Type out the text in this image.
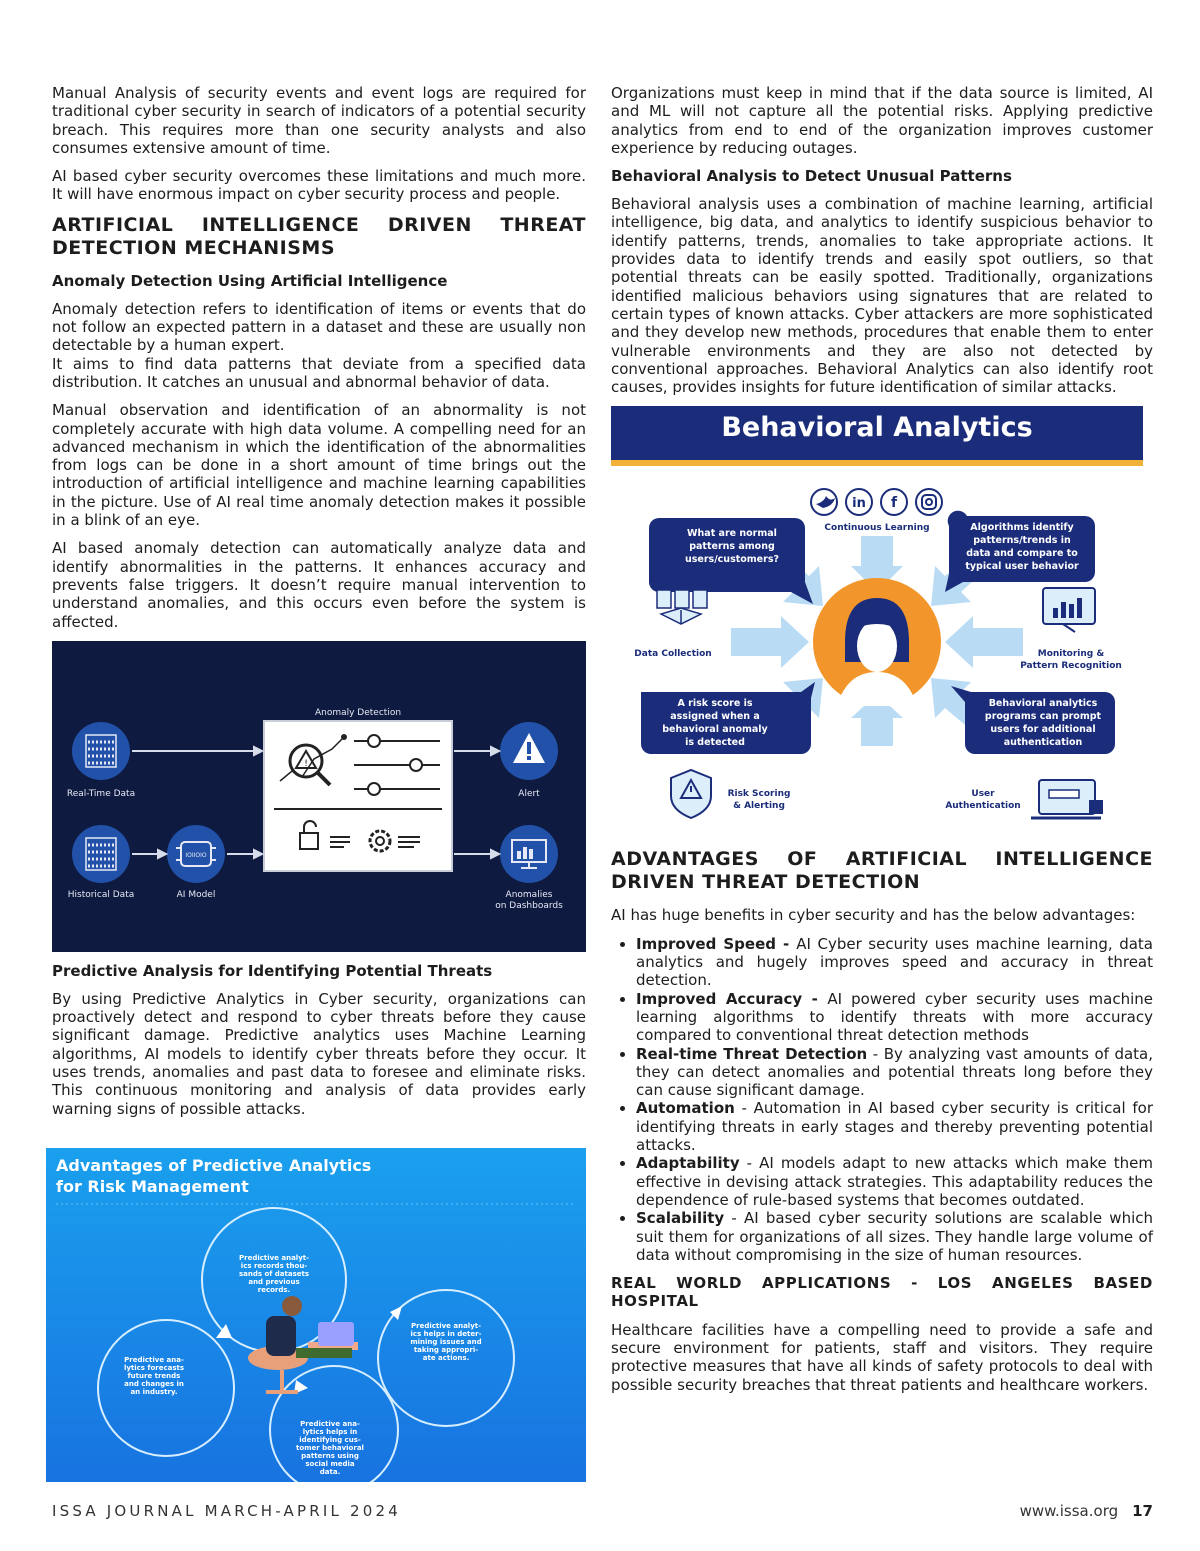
Manual Analysis of security events and event logs are required for traditional cyber security in search of indicators of a potential security breach. This requires more than one security analysts and also consumes extensive amount of time.

AI based cyber security overcomes these limitations and much more. It will have enormous impact on cyber security process and people.

ARTIFICIAL INTELLIGENCE DRIVEN THREAT DETECTION MECHANISMS
Anomaly Detection Using Artificial Intelligence

Anomaly detection refers to identification of items or events that do not follow an expected pattern in a dataset and these are usually non detectable by a human expert.
It aims to find data patterns that deviate from a specified data distribution. It catches an unusual and abnormal behavior of data.

Manual observation and identification of an abnormality is not completely accurate with high data volume. A compelling need for an advanced mechanism in which the identification of the abnormalities from logs can be done in a short amount of time brings out the introduction of artificial intelligence and machine learning capabilities in the picture. Use of AI real time anomaly detection makes it possible in a blink of an eye.

AI based anomaly detection can automatically analyze data and identify abnormalities in the patterns. It enhances accuracy and prevents false triggers. It doesn’t require manual intervention to understand anomalies, and this occurs even before the system is affected.

Anomaly Detection
!
Real-Time Data
Historical Data
IOIIOIO
AI Model
Alert
Anomalies
on Dashboards
Predictive Analysis for Identifying Potential Threats

By using Predictive Analytics in Cyber security, organizations can proactively detect and respond to cyber threats before they cause significant damage. Predictive analytics uses Machine Learning algorithms, AI models to identify cyber threats before they occur. It uses trends, anomalies and past data to foresee and eliminate risks. This continuous monitoring and analysis of data provides early warning signs of possible attacks.

Advantages of Predictive Analytics
for Risk Management
Predictive analyt-
ics records thou-
sands of datasets
and previous
records.
Predictive analyt-
ics helps in deter-
mining issues and
taking appropri-
ate actions.
Predictive ana-
lytics forecasts
future trends
and changes in
an industry.
Predictive ana-
lytics helps in
identifying cus-
tomer behavioral
patterns using
social media
data.

Organizations must keep in mind that if the data source is limited, AI and ML will not capture all the potential risks. Applying predictive analytics from end to end of the organization improves customer experience by reducing outages.

Behavioral Analysis to Detect Unusual Patterns

Behavioral analysis uses a combination of machine learning, artificial intelligence, big data, and analytics to identify suspicious behavior to identify patterns, trends, anomalies to take appropriate actions. It provides data to identify trends and easily spot outliers, so that potential threats can be easily spotted. Traditionally, organizations identified malicious behaviors using signatures that are related to certain types of known attacks. Cyber attackers are more sophisticated and they develop new methods, procedures that enable them to enter vulnerable environments and they are also not detected by conventional approaches. Behavioral Analytics can also identify root causes, provides insights for future identification of similar attacks.

Behavioral Analytics
in f
Continuous Learning
What are normal
patterns among
users/customers?
Algorithms identify
patterns/trends in
data and compare to
typical user behavior
A risk score is
assigned when a
behavioral anomaly
is detected
Behavioral analytics
programs can prompt
users for additional
authentication
Data Collection	Monitoring &
Pattern Recognition
Risk Scoring
& Alerting
User
Authentication
ADVANTAGES OF ARTIFICIAL INTELLIGENCE DRIVEN THREAT DETECTION

AI has huge benefits in cyber security and has the below advantages:

• Improved Speed - AI Cyber security uses machine learning, data analytics and hugely improves speed and accuracy in threat detection.
• Improved Accuracy - AI powered cyber security uses machine learning algorithms to identify threats with more accuracy compared to conventional threat detection methods
• Real-time Threat Detection - By analyzing vast amounts of data, they can detect anomalies and potential threats long before they can cause significant damage.
• Automation - Automation in AI based cyber security is critical for identifying threats in early stages and thereby preventing potential attacks.
• Adaptability - AI models adapt to new attacks which make them effective in devising attack strategies. This adaptability reduces the dependence of rule-based systems that becomes outdated.
• Scalability - AI based cyber security solutions are scalable which suit them for organizations of all sizes. They handle large volume of data without compromising in the size of human resources.
REAL WORLD APPLICATIONS - LOS ANGELES BASED HOSPITAL

Healthcare facilities have a compelling need to provide a safe and secure environment for patients, staff and visitors. They require protective measures that have all kinds of safety protocols to deal with possible security breaches that threat patients and healthcare workers.

ISSA JOURNAL MARCH-APRIL 2024	www.issa.org 17
